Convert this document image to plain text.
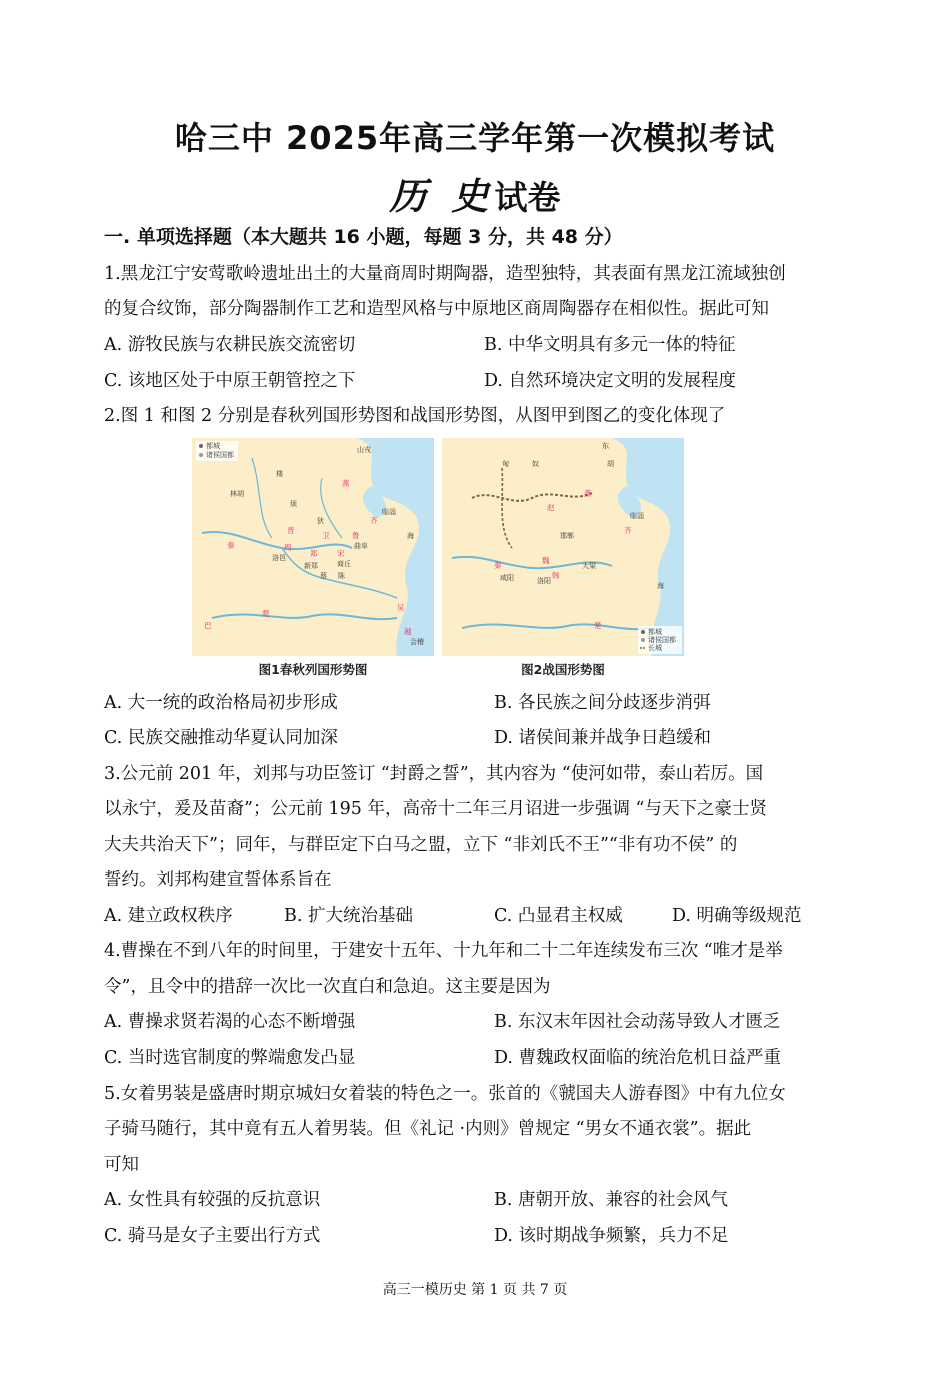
哈三中 2025年高三学年第一次模拟考试
历 史试卷
一. 单项选择题（本大题共 16 小题，每题 3 分，共 48 分）
1.黑龙江宁安莺歌岭遗址出土的大量商周时期陶器，造型独特，其表面有黑龙江流域独创
的复合纹饰，部分陶器制作工艺和造型风格与中原地区商周陶器存在相似性。据此可知
A. 游牧民族与农耕民族交流密切	B. 中华文明具有多元一体的特征
C. 该地区处于中原王朝管控之下	D. 自然环境决定文明的发展程度
2.图 1 和图 2 分别是春秋列国形势图和战国形势图，从图甲到图乙的变化体现了
都城
诸侯国都
山戎
楼
林胡
烦
燕
秦
晋
狄	齐
鲁
卫
宋
郑
洛邑
周
楚
吴
越
巴
蔡 陈
新郑
曲阜
临淄
商丘
会稽
海
图1春秋列国形势图
都城
诸侯国都
长城
东
胡
匈	奴
燕
赵
魏
韩
秦
齐
楚
咸阳
邯郸
洛阳
大梁
临淄
海
图2战国形势图
A. 大一统的政治格局初步形成	B. 各民族之间分歧逐步消弭
C. 民族交融推动华夏认同加深	D. 诸侯间兼并战争日趋缓和
3.公元前 201 年，刘邦与功臣签订 “封爵之誓”，其内容为 “使河如带，泰山若厉。国
以永宁，爰及苗裔”；公元前 195 年，高帝十二年三月诏进一步强调 “与天下之豪士贤
大夫共治天下”；同年，与群臣定下白马之盟，立下 “非刘氏不王”“非有功不侯” 的
誓约。刘邦构建宣誓体系旨在
A. 建立政权秩序	B. 扩大统治基础	C. 凸显君主权威	D. 明确等级规范
4.曹操在不到八年的时间里，于建安十五年、十九年和二十二年连续发布三次 “唯才是举
令”，且令中的措辞一次比一次直白和急迫。这主要是因为
A. 曹操求贤若渴的心态不断增强	B. 东汉末年因社会动荡导致人才匮乏
C. 当时选官制度的弊端愈发凸显	D. 曹魏政权面临的统治危机日益严重
5.女着男装是盛唐时期京城妇女着装的特色之一。张首的《虢国夫人游春图》中有九位女
子骑马随行，其中竟有五人着男装。但《礼记 ·内则》曾规定 “男女不通衣裳”。据此
可知
A. 女性具有较强的反抗意识	B. 唐朝开放、兼容的社会风气
C. 骑马是女子主要出行方式	D. 该时期战争频繁，兵力不足
高三一模历史 第 1 页 共 7 页
